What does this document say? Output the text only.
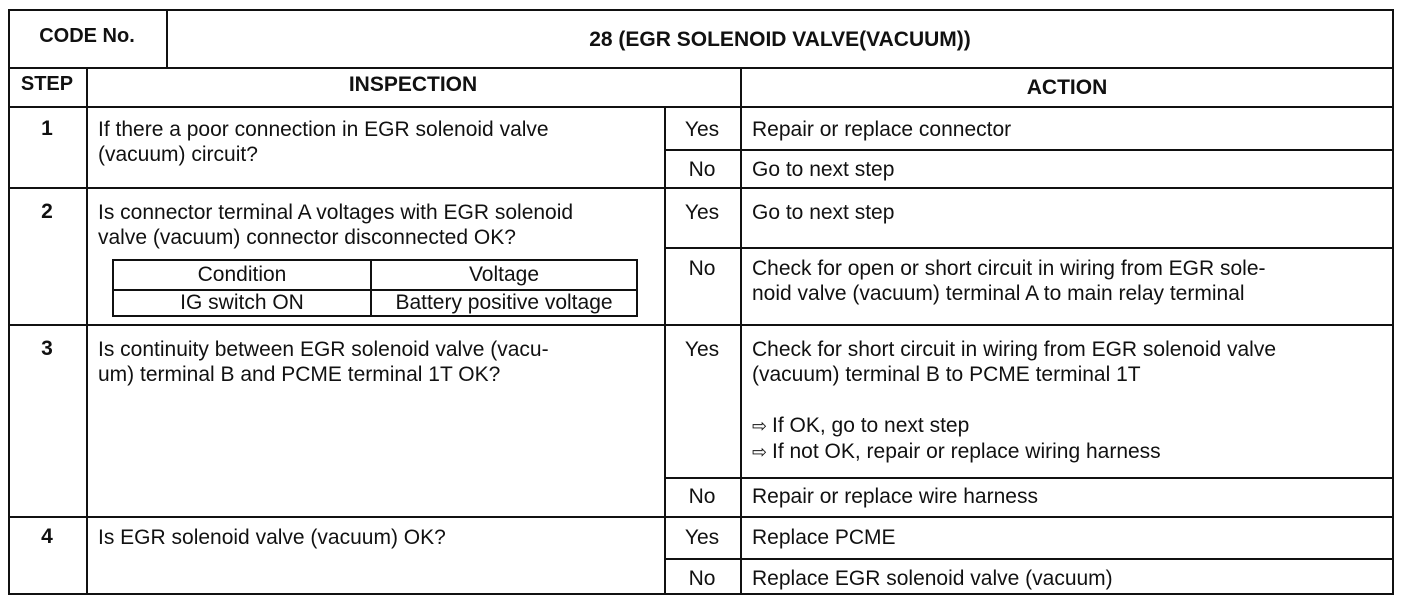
CODE No.	28 (EGR SOLENOID VALVE(VACUUM))
STEP	INSPECTION	ACTION
1	If there a poor connection in EGR solenoid valve
(vacuum) circuit?
Yes	Repair or replace connector
No	Go to next step
2	Is connector terminal A voltages with EGR solenoid
valve (vacuum) connector disconnected OK?
Condition	Voltage
IG switch ON	Battery positive voltage
Yes	Go to next step
No	Check for open or short circuit in wiring from EGR sole-
noid valve (vacuum) terminal A to main relay terminal
3	Is continuity between EGR solenoid valve (vacu-
um) terminal B and PCME terminal 1T OK?
Yes	Check for short circuit in wiring from EGR solenoid valve
(vacuum) terminal B to PCME terminal 1T
⇨ If OK, go to next step
⇨ If not OK, repair or replace wiring harness
No	Repair or replace wire harness
4	Is EGR solenoid valve (vacuum) OK?	Yes	Replace PCME
No	Replace EGR solenoid valve (vacuum)
